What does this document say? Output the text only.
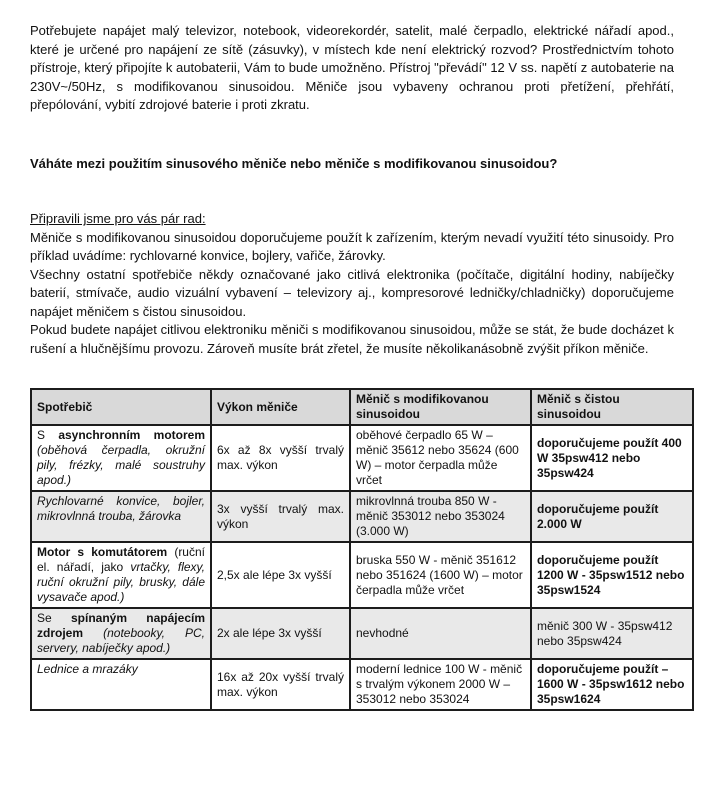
Potřebujete napájet malý televizor, notebook, videorekordér, satelit, malé čerpadlo, elektrické nářadí apod., které je určené pro napájení ze sítě (zásuvky), v místech kde není elektrický rozvod? Prostřednictvím tohoto přístroje, který připojíte k autobaterii, Vám to bude umožněno. Přístroj "převádí" 12 V ss. napětí z autobaterie na 230V~/50Hz, s modifikovanou sinusoidou. Měniče jsou vybaveny ochranou proti přetížení, přehřátí, přepólování, vybití zdrojové baterie i proti zkratu.

Váháte mezi použitím sinusového měniče nebo měniče s modifikovanou sinusoidou?

Připravili jsme pro vás pár rad:

Měniče s modifikovanou sinusoidou doporučujeme použít k zařízením, kterým nevadí využití této sinusoidy. Pro příklad uvádíme: rychlovarné konvice, bojlery, vařiče, žárovky.

Všechny ostatní spotřebiče někdy označované jako citlivá elektronika (počítače, digitální hodiny, nabíječky baterií, stmívače, audio vizuální vybavení – televizory aj., kompresorové ledničky/chladničky) doporučujeme napájet měničem s čistou sinusoidou.

Pokud budete napájet citlivou elektroniku měniči s modifikovanou sinusoidou, může se stát, že bude docházet k rušení a hlučnějšímu provozu. Zároveň musíte brát zřetel, že musíte několikanásobně zvýšit příkon měniče.

Spotřebič	Výkon měniče	Měnič s modifikovanou sinusoidou	Měnič s čistou sinusoidou
S asynchronním motorem (oběhová čerpadla, okružní pily, frézky, malé soustruhy apod.)	6x až 8x vyšší trvalý max. výkon	oběhové čerpadlo 65 W – měnič 35612 nebo 35624 (600 W) – motor čerpadla může vrčet	doporučujeme použít 400 W 35psw412 nebo 35psw424
Rychlovarné konvice, bojler, mikrovlnná trouba, žárovka	3x vyšší trvalý max. výkon	mikrovlnná trouba 850 W - měnič 353012 nebo 353024 (3.000 W)	doporučujeme použít 2.000 W
Motor s komutátorem (ruční el. nářadí, jako vrtačky, flexy, ruční okružní pily, brusky, dále vysavače apod.)	2,5x ale lépe 3x vyšší	bruska 550 W - měnič 351612 nebo 351624 (1600 W) – motor čerpadla může vrčet	doporučujeme použít 1200 W - 35psw1512 nebo 35psw1524
Se spínaným napájecím zdrojem (notebooky, PC, servery, nabíječky apod.)	2x ale lépe 3x vyšší	nevhodné	měnič 300 W - 35psw412 nebo 35psw424
Lednice a mrazáky	16x až 20x vyšší trvalý max. výkon	moderní lednice 100 W - měnič s trvalým výkonem 2000 W – 353012 nebo 353024	doporučujeme použít – 1600 W - 35psw1612 nebo 35psw1624
